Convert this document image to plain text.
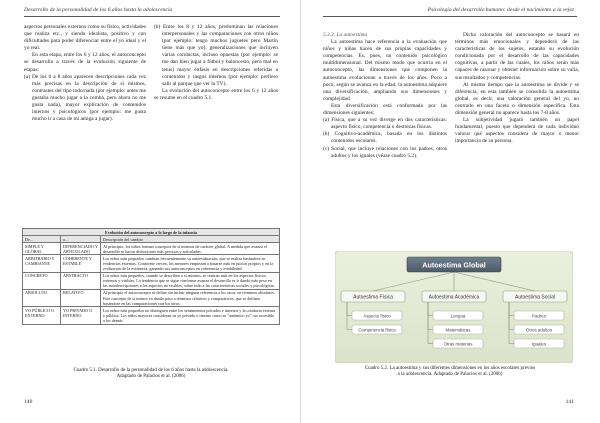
Desarrollo de la personalidad de los 6 años hasta la adolescencia

aspectos personales externos como su físico, actividades que realiza etc., y siendo idealista, positivo y con dificultades para poder diferenciar entre el yo ideal y el yo real.

En esta etapa, entre los 6 y 12 años, el autoconcepto se desarrolla a través de la evolución siguiente de etapas:

(a) De los 6 a 8 años aparecen descripciones cada vez más precisas en la descripción de sí mismos, contrastes del tipo todo/nada (por ejemplo: antes me gustaba mucho jugar a la comba, pero ahora no me gusta nada), mayor explicación de contenidos internos y psicológicos (por ejemplo: me gusta mucho ir a casa de mi amiga a jugar).

(b) Entre los 8 y 12 años, predominan las relaciones interpersonales y las comparaciones con otros niños (por ejemplo: tengo muchos juguetes pero Martín tiene más que yo), generalizaciones que incluyen varias conductas, incluso opuestas (por ejemplo: se me dan bien jugar a fútbol y baloncesto, pero mal en tenis) mayor énfasis en descripciones referidas a contenidos y rasgos internos (por ejemplo: prefiero salir al parque que ver la TV).

La evolución del autoconcepto entre los 6 y 12 años se resume en el cuadro 5.1.

Evolución del autoconcepto a lo largo de la infancia		
De...	a...	Descripción del cambio
SIMPLE Y GLOBAL	DIFERENCIADO Y ARTICULADO	Al principio, los niños forman conceptos de sí mismos de carácter global. A medida que avanza el desarrollo se hacen distinciones más precisas y articuladas.
ARBITRARIO Y CAMBIANTE	COHERENTE Y ESTABLE	Los niños más pequeños cambian frecuentemente su autoevaluación, que se realiza basándose en evidencias externas. Conforme crecen, los menores empiezan a basarse más en juicios propios y en la evaluación de la evidencia, ganando sus autoconceptos en coherencia y estabilidad.
CONCRETO	ABSTRACTO	Los niños más pequeños, cuando se describen a sí mismos, se centran más en los aspectos físicos, externos y visibles. La tendencia que se sigue conforme avanza el desarrollo es ir dando más peso en las autodescripciones a los aspectos no visibles, sobre todo a las características sociales y psicológicas.
ABSOLUTO	RELATIVO	Al principio el autoconcepto se define sin incluir ninguna referencia a los otros, en términos absolutos. Este concepto de sí mismo va dando paso a términos relativos y comparativos, que se definen basándose en las comparaciones con los otros.
YO PÚBLICO O EXTERNO	YO PRIVADO O INTERNO	Los niños más pequeños no distinguen entre los sentimientos privados e internos y la conducta externa y pública. Los niños mayores consideran su yo privado o interno como su "auténtico yo", no accesible a los demás.
Cuadro 5.1. Desarrollo de la personalidad de los 6 años hasta la adolescencia.
Adaptado de Palacios et al. (2006)
140
Psicología del desarrollo humano: desde el nacimiento a la vejez

5.3.3. La autoestima

La autoestima hace referencia a la evaluación que niños y niñas hacen de sus propias capacidades y competencias. Es, pues, un contenido psicológico multidimensional. Del mismo modo que ocurría en el autoconcepto, las dimensiones que componen la autoestima evolucionan a través de los años. Poco a poco, según se avanza en la edad, la autoestima adquiere una diversificación, ampliando sus dimensiones y complejidad.

Esta diversificación está conformada por las dimensiones siguientes:

(a) Física, que a su vez diverge en dos características: aspecto físico, competencia o destrezas físicas.

(b) Cognitivo-académica, basada en los distintos contenidos escolares.

(c) Social, que incluye relaciones con los padres, otros adultos y los iguales (véase cuadro 5.2).

Dicha valoración del autoconcepto se basará en términos más emocionales y dependerá de las características de los sujetos, estando su evolución condicionada por el desarrollo de las capacidades cognitivas, a partir de las cuales, los niños serán más capaces de razonar y obtener información sobre su valía, sus resultados y competencias.

Al mismo tiempo que la autoestima se divide y se diferencia, en esta también se consolida la autoestima global, es decir, una valoración general del yo, no centrado en una faceta o dimensión específica. Esta dimensión general no aparece hasta los 7-8 años.

La subjetividad jugará también un papel fundamental, puesto que dependerá de cada individuo valorar qué aspectos considera de mayor o menor importancia de su persona.

Cuadro 5.2. La autoestima y sus diferentes dimensiones en los años escolares previos
a la adolescencia. Adaptado de Palacios et al. (2006)
141
Autoestima Global
Autoestima Física
Aspecto físico
Competencia física
Autoestima Académica
Lengua
Matemáticas
Otras materias
Autoestima Social
Padres
Otros adultos
Iguales
